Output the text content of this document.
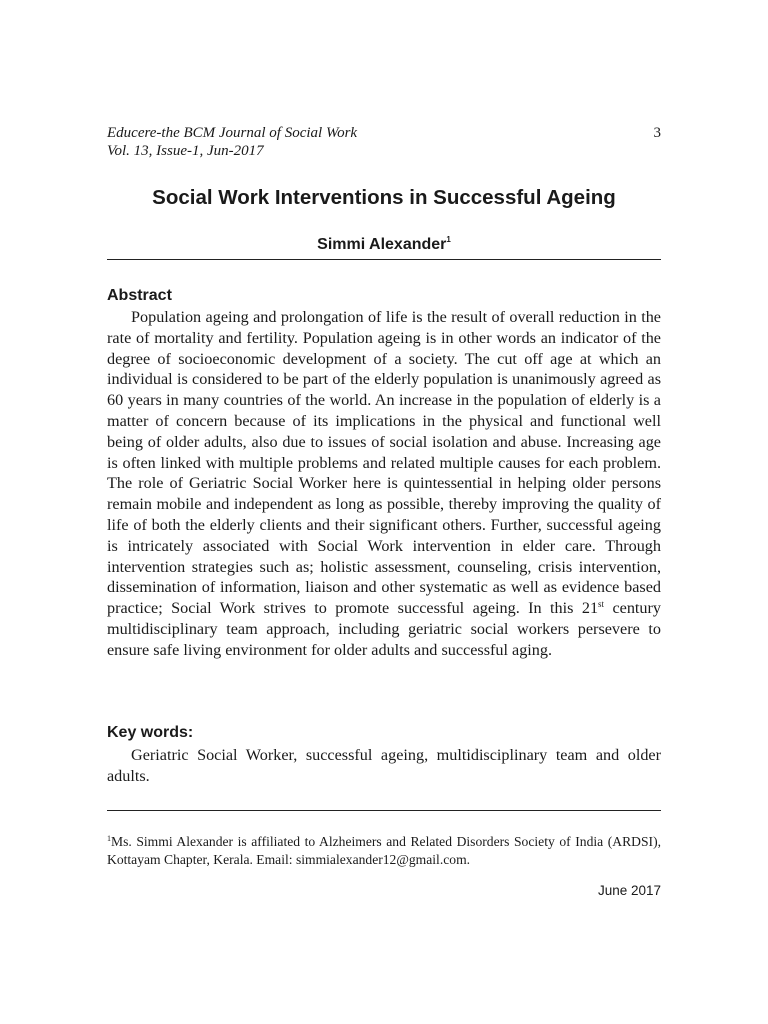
Educere-the BCM Journal of Social Work
Vol. 13, Issue-1, Jun-2017
3
Social Work Interventions in Successful Ageing
Simmi Alexander$^1$
Abstract

Population ageing and prolongation of life is the result of overall reduction in the rate of mortality and fertility. Population ageing is in other words an indicator of the degree of socioeconomic development of a society. The cut off age at which an individual is considered to be part of the elderly population is unanimously agreed as 60 years in many countries of the world. An increase in the population of elderly is a matter of concern because of its implications in the physical and functional well being of older adults, also due to issues of social isolation and abuse. Increasing age is often linked with multiple problems and related multiple causes for each problem. The role of Geriatric Social Worker here is quintessential in helping older persons remain mobile and independent as long as possible, thereby improving the quality of life of both the elderly clients and their significant others. Further, successful ageing is intricately associated with Social Work intervention in elder care. Through intervention strategies such as; holistic assessment, counseling, crisis intervention, dissemination of information, liaison and other systematic as well as evidence based practice; Social Work strives to promote successful ageing. In this 21st century multidisciplinary team approach, including geriatric social workers persevere to ensure safe living environment for older adults and successful aging.

Key words:

Geriatric Social Worker, successful ageing, multidisciplinary team and older adults.

$^1$Ms. Simmi Alexander is affiliated to Alzheimers and Related Disorders Society of India (ARDSI), Kottayam Chapter, Kerala. Email: simmialexander12@gmail.com.

June 2017
